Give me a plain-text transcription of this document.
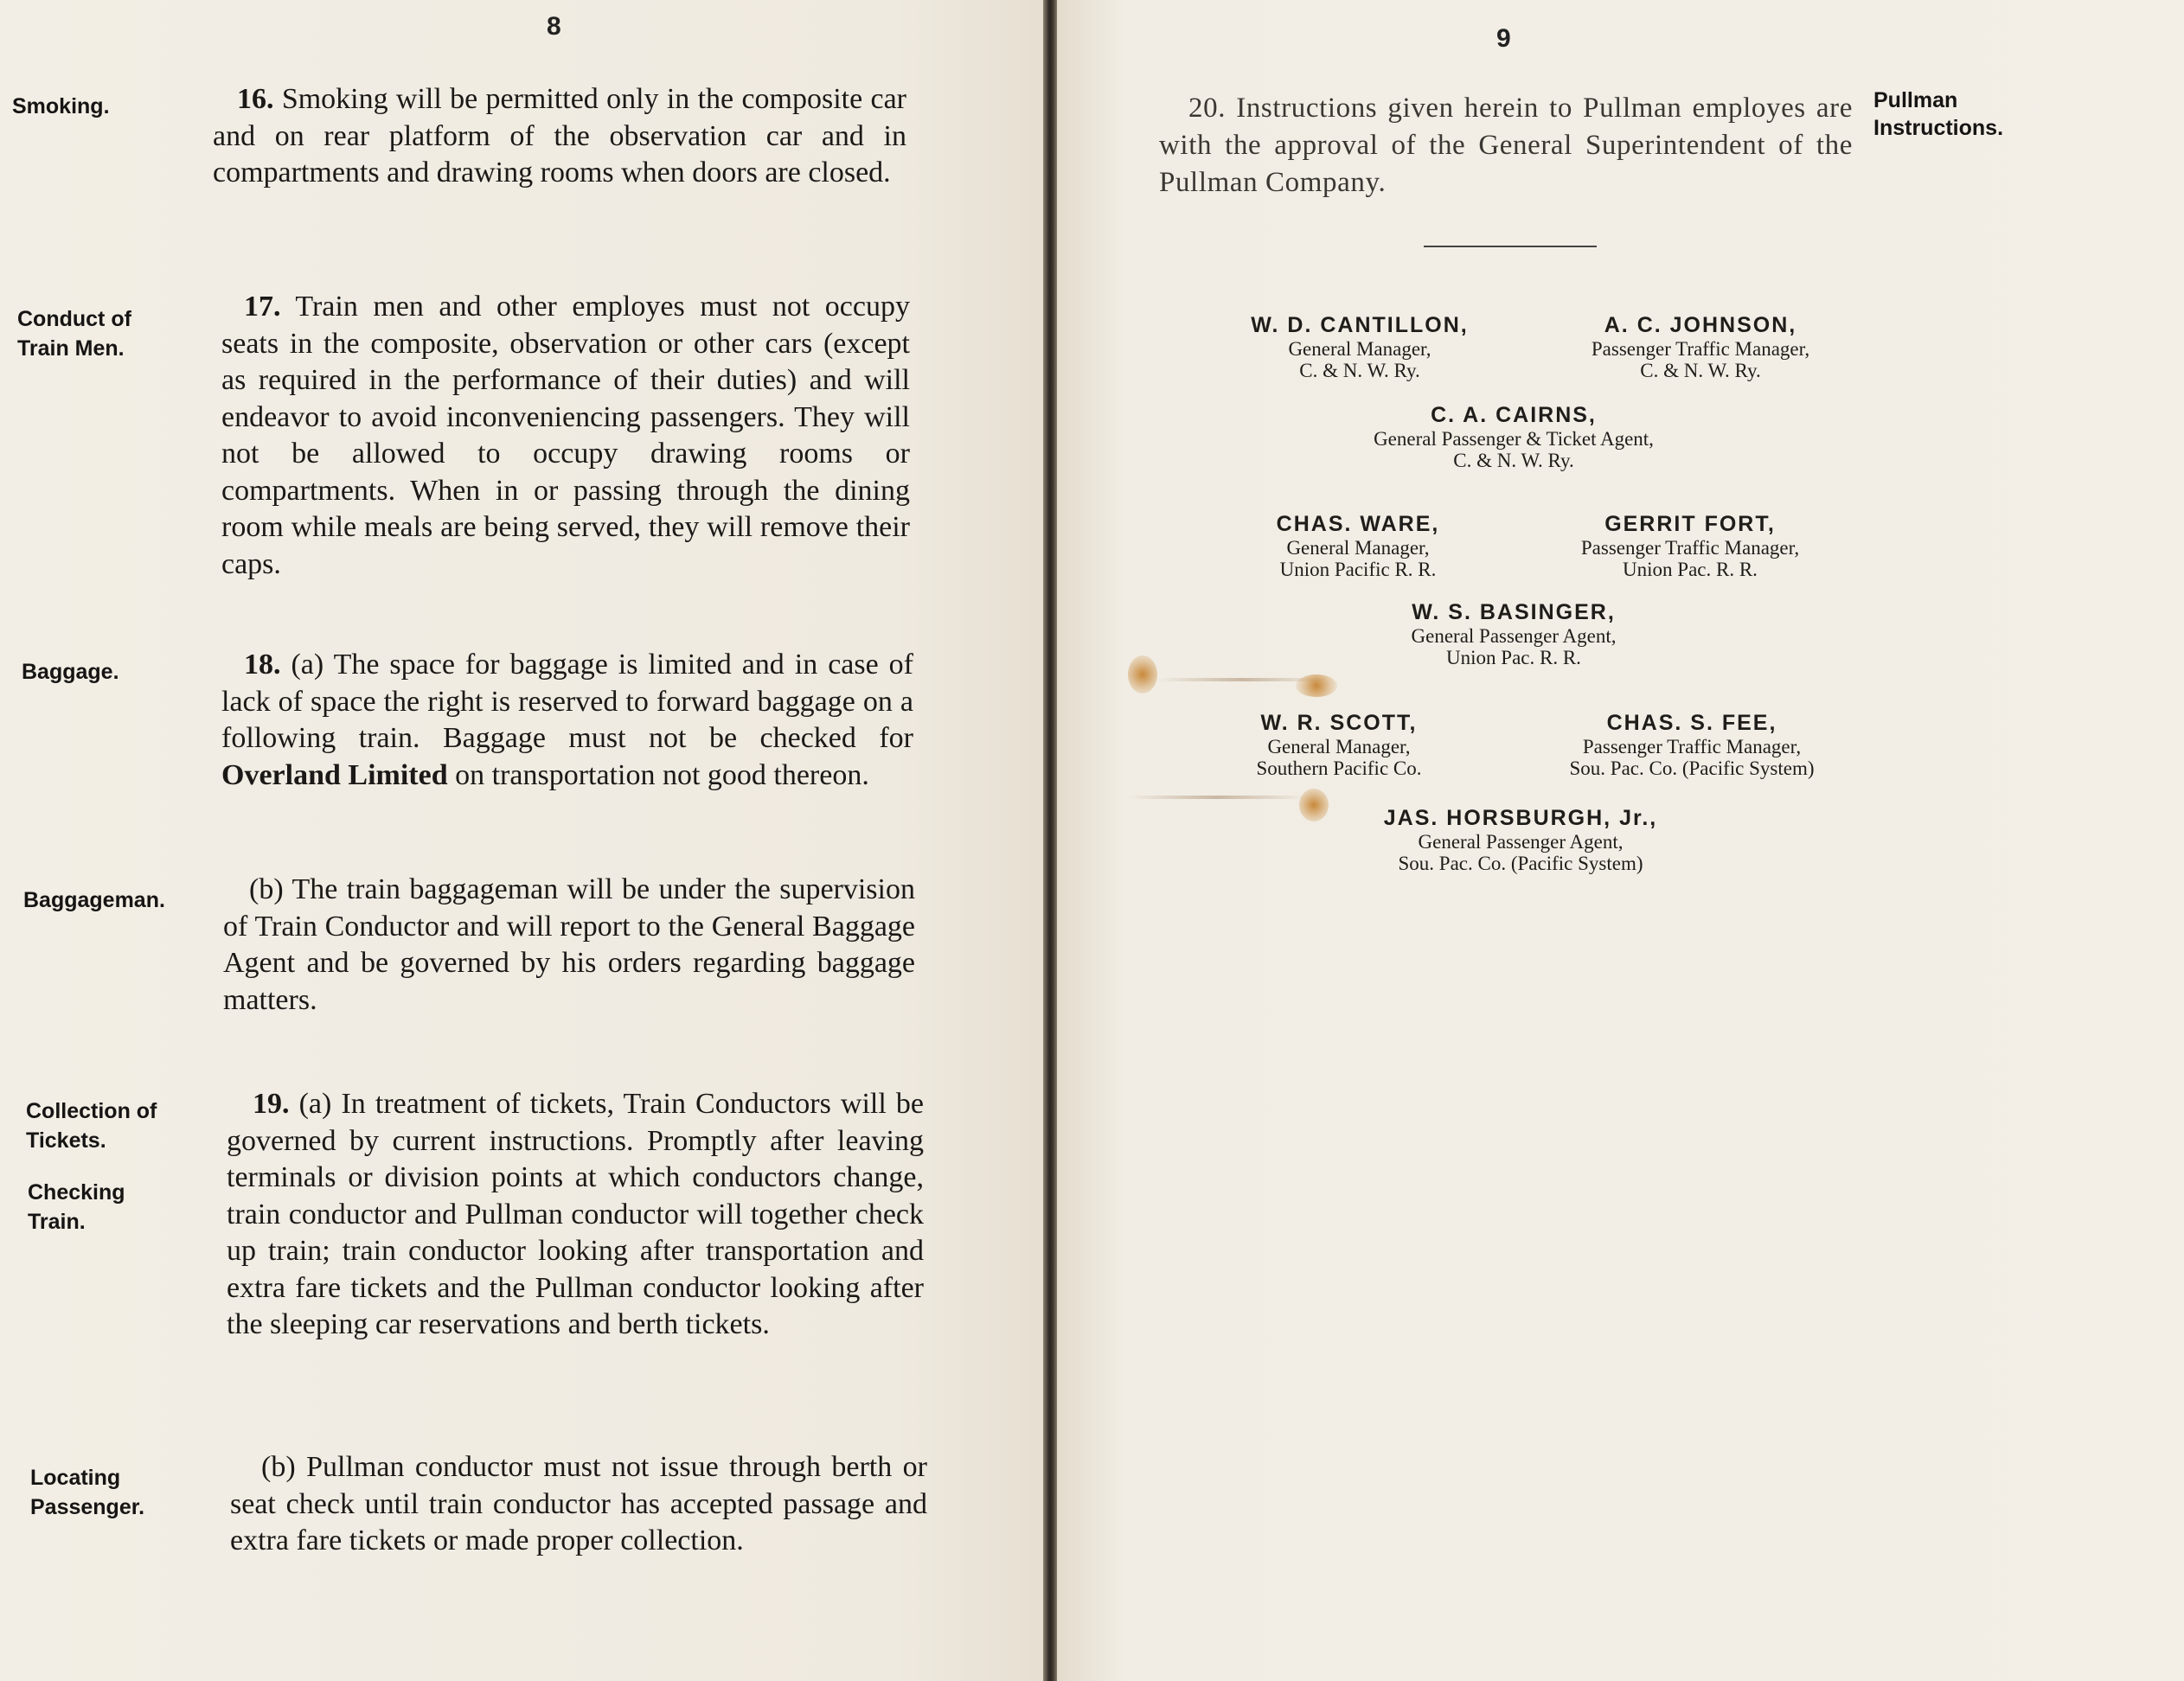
8
Smoking.
Conduct of
Train Men.
Baggage.
Baggageman.
Collection of
Tickets.
Checking
Train.
Locating
Passenger.
16. Smoking will be permitted only in the composite car and on rear platform of the observation car and in compartments and drawing rooms when doors are closed.
17. Train men and other employes must not occupy seats in the composite, observation or other cars (except as required in the performance of their duties) and will endeavor to avoid inconveniencing passengers. They will not be allowed to occupy drawing rooms or compartments. When in or passing through the dining room while meals are being served, they will remove their caps.
18. (a) The space for baggage is limited and in case of lack of space the right is reserved to forward baggage on a following train. Baggage must not be checked for Overland Limited on transportation not good thereon.
(b) The train baggageman will be under the supervision of Train Conductor and will report to the General Baggage Agent and be governed by his orders regarding baggage matters.
19. (a) In treatment of tickets, Train Conductors will be governed by current instructions. Promptly after leaving terminals or division points at which conductors change, train conductor and Pullman conductor will together check up train; train conductor looking after transportation and extra fare tickets and the Pullman conductor looking after the sleeping car reservations and berth tickets.
(b) Pullman conductor must not issue through berth or seat check until train conductor has accepted passage and extra fare tickets or made proper collection.
9
Pullman
Instructions.
20. Instructions given herein to Pullman employes are with the approval of the General Superintendent of the Pullman Company.
W. D. CANTILLON,
General Manager,
C. & N. W. Ry.
A. C. JOHNSON,
Passenger Traffic Manager,
C. & N. W. Ry.
C. A. CAIRNS,
General Passenger & Ticket Agent,
C. & N. W. Ry.
CHAS. WARE,
General Manager,
Union Pacific R. R.
GERRIT FORT,
Passenger Traffic Manager,
Union Pac. R. R.
W. S. BASINGER,
General Passenger Agent,
Union Pac. R. R.
W. R. SCOTT,
General Manager,
Southern Pacific Co.
CHAS. S. FEE,
Passenger Traffic Manager,
Sou. Pac. Co. (Pacific System)
JAS. HORSBURGH, Jr.,
General Passenger Agent,
Sou. Pac. Co. (Pacific System)
